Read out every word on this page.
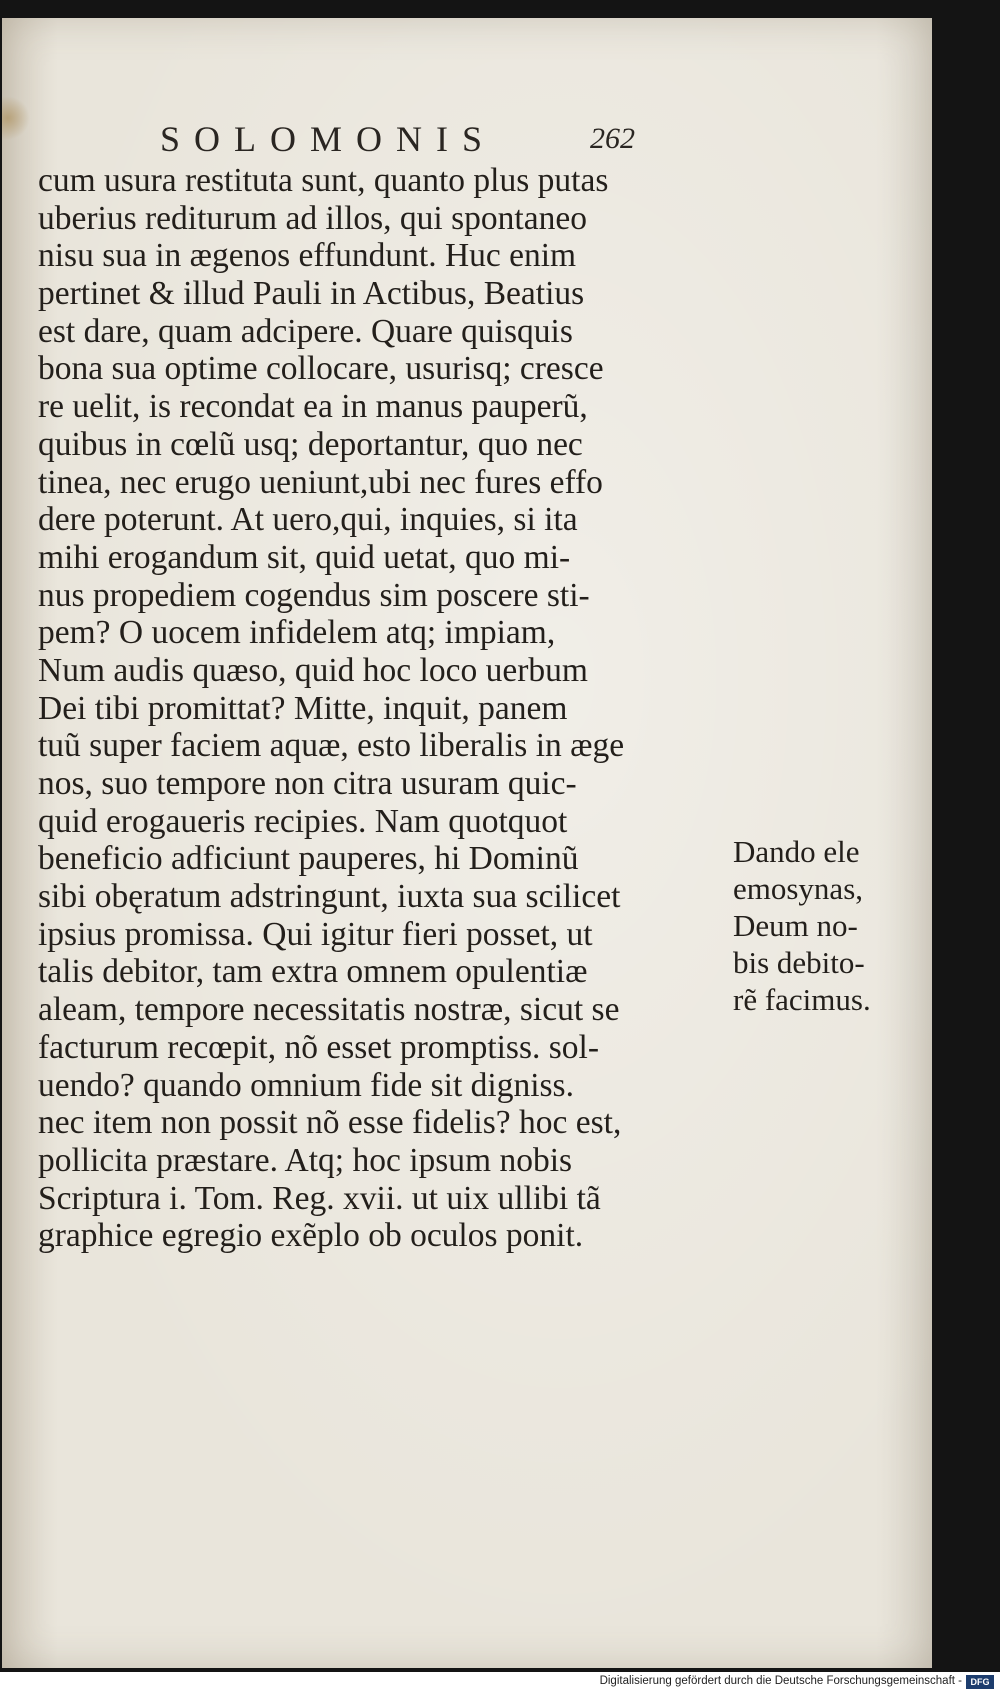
SOLOMONIS	262
cum usura restituta sunt, quanto plus putas
uberius rediturum ad illos, qui spontaneo
nisu sua in ægenos effundunt. Huc enim
pertinet & illud Pauli in Actibus, Beatius
est dare, quam adcipere. Quare quisquis
bona sua optime collocare, usurisq; cresce
re uelit, is recondat ea in manus pauperũ,
quibus in cœlũ usq; deportantur, quo nec
tinea, nec erugo ueniunt,ubi nec fures effo
dere poterunt. At uero,qui, inquies, si ita
mihi erogandum sit, quid uetat, quo mi-
nus propediem cogendus sim poscere sti-
pem? O uocem infidelem atq; impiam,
Num audis quæso, quid hoc loco uerbum
Dei tibi promittat? Mitte, inquit, panem
tuũ super faciem aquæ, esto liberalis in æge
nos, suo tempore non citra usuram quic-
quid erogaueris recipies. Nam quotquot
beneficio adficiunt pauperes, hi Dominũ
sibi obęratum adstringunt, iuxta sua scilicet
ipsius promissa. Qui igitur fieri posset, ut
talis debitor, tam extra omnem opulentiæ
aleam, tempore necessitatis nostræ, sicut se
facturum recœpit, nõ esset promptiss. sol-
uendo? quando omnium fide sit digniss.
nec item non possit nõ esse fidelis? hoc est,
pollicita præstare. Atq; hoc ipsum nobis
Scriptura i. Tom. Reg. xvii. ut uix ullibi tã
graphice egregio exẽplo ob oculos ponit.
Dando ele
emosynas,
Deum no-
bis debito-
rẽ facimus.
Digitalisierung gefördert durch die Deutsche Forschungsgemeinschaft - DFG
